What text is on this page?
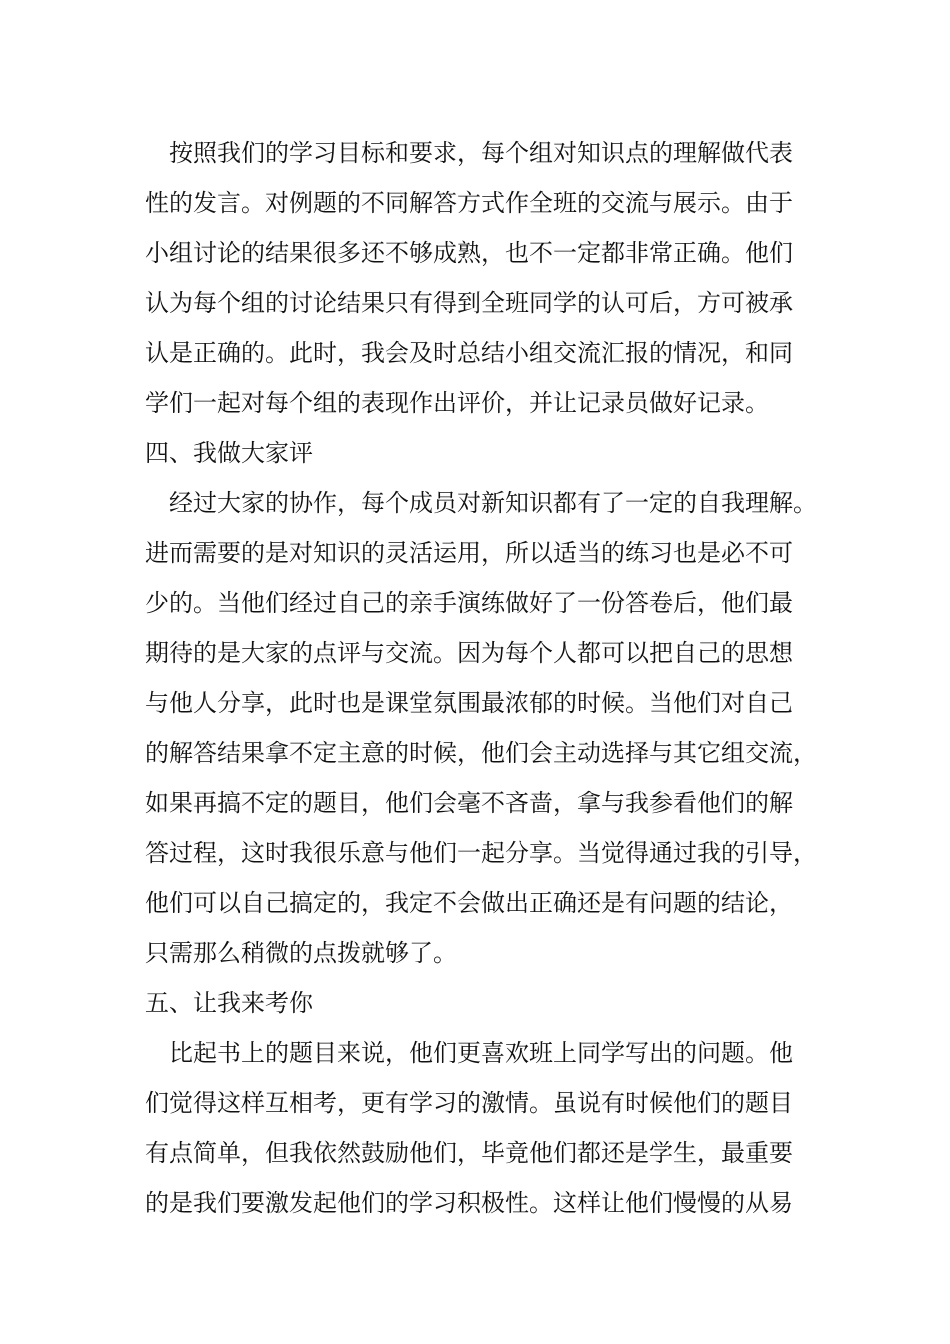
按照我们的学习目标和要求，每个组对知识点的理解做代表
性的发言。对例题的不同解答方式作全班的交流与展示。由于
小组讨论的结果很多还不够成熟，也不一定都非常正确。他们
认为每个组的讨论结果只有得到全班同学的认可后，方可被承
认是正确的。此时，我会及时总结小组交流汇报的情况，和同
学们一起对每个组的表现作出评价，并让记录员做好记录。
四、我做大家评
经过大家的协作，每个成员对新知识都有了一定的自我理解。
进而需要的是对知识的灵活运用，所以适当的练习也是必不可
少的。当他们经过自己的亲手演练做好了一份答卷后，他们最
期待的是大家的点评与交流。因为每个人都可以把自己的思想
与他人分享，此时也是课堂氛围最浓郁的时候。当他们对自己
的解答结果拿不定主意的时候，他们会主动选择与其它组交流，
如果再搞不定的题目，他们会毫不吝啬，拿与我参看他们的解
答过程，这时我很乐意与他们一起分享。当觉得通过我的引导，
他们可以自己搞定的，我定不会做出正确还是有问题的结论，
只需那么稍微的点拨就够了。
五、让我来考你
比起书上的题目来说，他们更喜欢班上同学写出的问题。他
们觉得这样互相考，更有学习的激情。虽说有时候他们的题目
有点简单，但我依然鼓励他们，毕竟他们都还是学生，最重要
的是我们要激发起他们的学习积极性。这样让他们慢慢的从易
